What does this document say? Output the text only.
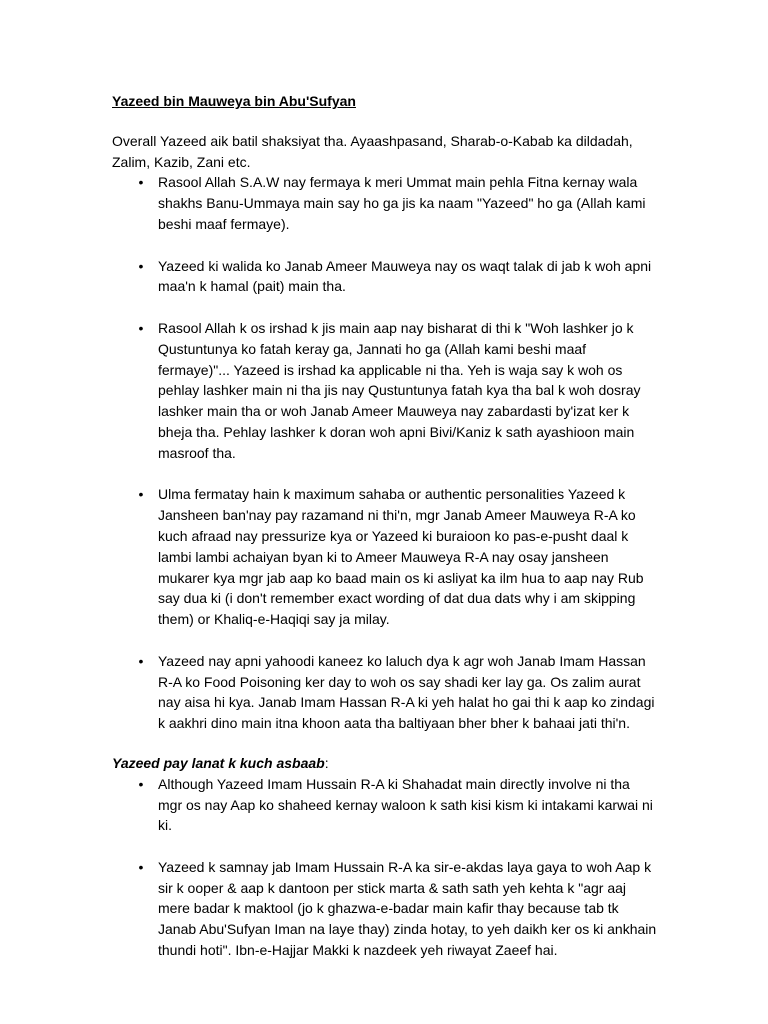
Yazeed bin Mauweya bin Abu'Sufyan

Overall Yazeed aik batil shaksiyat tha. Ayaashpasand, Sharab-o-Kabab ka dildadah, Zalim, Kazib, Zani etc.

• Rasool Allah S.A.W nay fermaya k meri Ummat main pehla Fitna kernay wala shakhs Banu-Ummaya main say ho ga jis ka naam "Yazeed" ho ga (Allah kami beshi maaf fermaye).
• Yazeed ki walida ko Janab Ameer Mauweya nay os waqt talak di jab k woh apni maa'n k hamal (pait) main tha.
• Rasool Allah k os irshad k jis main aap nay bisharat di thi k "Woh lashker jo k Qustuntunya ko fatah keray ga, Jannati ho ga (Allah kami beshi maaf fermaye)"... Yazeed is irshad ka applicable ni tha. Yeh is waja say k woh os pehlay lashker main ni tha jis nay Qustuntunya fatah kya tha bal k woh dosray lashker main tha or woh Janab Ameer Mauweya nay zabardasti by'izat ker k bheja tha. Pehlay lashker k doran woh apni Bivi/Kaniz k sath ayashioon main masroof tha.
• Ulma fermatay hain k maximum sahaba or authentic personalities Yazeed k Jansheen ban'nay pay razamand ni thi'n, mgr Janab Ameer Mauweya R-A ko kuch afraad nay pressurize kya or Yazeed ki buraioon ko pas-e-pusht daal k lambi lambi achaiyan byan ki to Ameer Mauweya R-A nay osay jansheen mukarer kya mgr jab aap ko baad main os ki asliyat ka ilm hua to aap nay Rub say dua ki (i don't remember exact wording of dat dua dats why i am skipping them) or Khaliq-e-Haqiqi say ja milay.
• Yazeed nay apni yahoodi kaneez ko laluch dya k agr woh Janab Imam Hassan R-A ko Food Poisoning ker day to woh os say shadi ker lay ga. Os zalim aurat nay aisa hi kya. Janab Imam Hassan R-A ki yeh halat ho gai thi k aap ko zindagi k aakhri dino main itna khoon aata tha baltiyaan bher bher k bahaai jati thi'n.
Yazeed pay lanat k kuch asbaab:
• Although Yazeed Imam Hussain R-A ki Shahadat main directly involve ni tha mgr os nay Aap ko shaheed kernay waloon k sath kisi kism ki intakami karwai ni ki.
• Yazeed k samnay jab Imam Hussain R-A ka sir-e-akdas laya gaya to woh Aap k sir k ooper & aap k dantoon per stick marta & sath sath yeh kehta k "agr aaj mere badar k maktool (jo k ghazwa-e-badar main kafir thay because tab tk Janab Abu'Sufyan Iman na laye thay) zinda hotay, to yeh daikh ker os ki ankhain thundi hoti". Ibn-e-Hajjar Makki k nazdeek yeh riwayat Zaeef hai.
